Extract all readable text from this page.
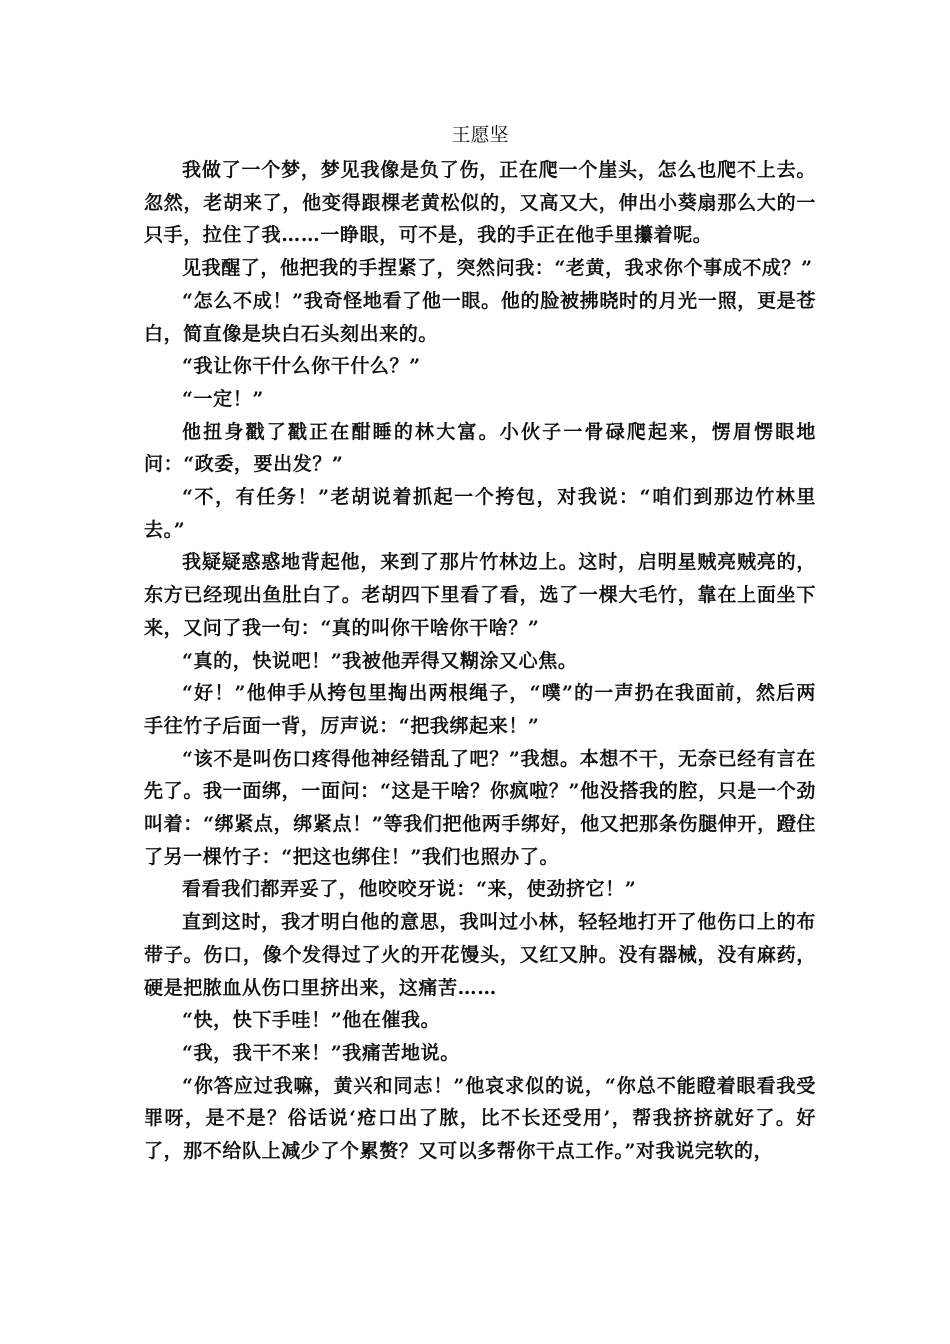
王愿坚

我做了一个梦，梦见我像是负了伤，正在爬一个崖头，怎么也爬不上去。忽然，老胡来了，他变得跟棵老黄松似的，又高又大，伸出小葵扇那么大的一只手，拉住了我……一睁眼，可不是，我的手正在他手里攥着呢。

见我醒了，他把我的手捏紧了，突然问我：“老黄，我求你个事成不成？”

“怎么不成！”我奇怪地看了他一眼。他的脸被拂晓时的月光一照，更是苍白，简直像是块白石头刻出来的。

“我让你干什么你干什么？”

“一定！”

他扭身戳了戳正在酣睡的林大富。小伙子一骨碌爬起来，愣眉愣眼地问：“政委，要出发？”

“不，有任务！”老胡说着抓起一个挎包，对我说：“咱们到那边竹林里去。”

我疑疑惑惑地背起他，来到了那片竹林边上。这时，启明星贼亮贼亮的，东方已经现出鱼肚白了。老胡四下里看了看，选了一棵大毛竹，靠在上面坐下来，又问了我一句：“真的叫你干啥你干啥？”

“真的，快说吧！”我被他弄得又糊涂又心焦。

“好！”他伸手从挎包里掏出两根绳子，“噗”的一声扔在我面前，然后两手往竹子后面一背，厉声说：“把我绑起来！”

“该不是叫伤口疼得他神经错乱了吧？”我想。本想不干，无奈已经有言在先了。我一面绑，一面问：“这是干啥？你疯啦？”他没搭我的腔，只是一个劲叫着：“绑紧点，绑紧点！”等我们把他两手绑好，他又把那条伤腿伸开，蹬住了另一棵竹子：“把这也绑住！”我们也照办了。

看看我们都弄妥了，他咬咬牙说：“来，使劲挤它！”

直到这时，我才明白他的意思，我叫过小林，轻轻地打开了他伤口上的布带子。伤口，像个发得过了火的开花馒头，又红又肿。没有器械，没有麻药，硬是把脓血从伤口里挤出来，这痛苦……

“快，快下手哇！”他在催我。

“我，我干不来！”我痛苦地说。

“你答应过我嘛，黄兴和同志！”他哀求似的说，“你总不能瞪着眼看我受罪呀，是不是？俗话说‘疮口出了脓，比不长还受用’，帮我挤挤就好了。好了，那不给队上减少了个累赘？又可以多帮你干点工作。”对我说完软的，
